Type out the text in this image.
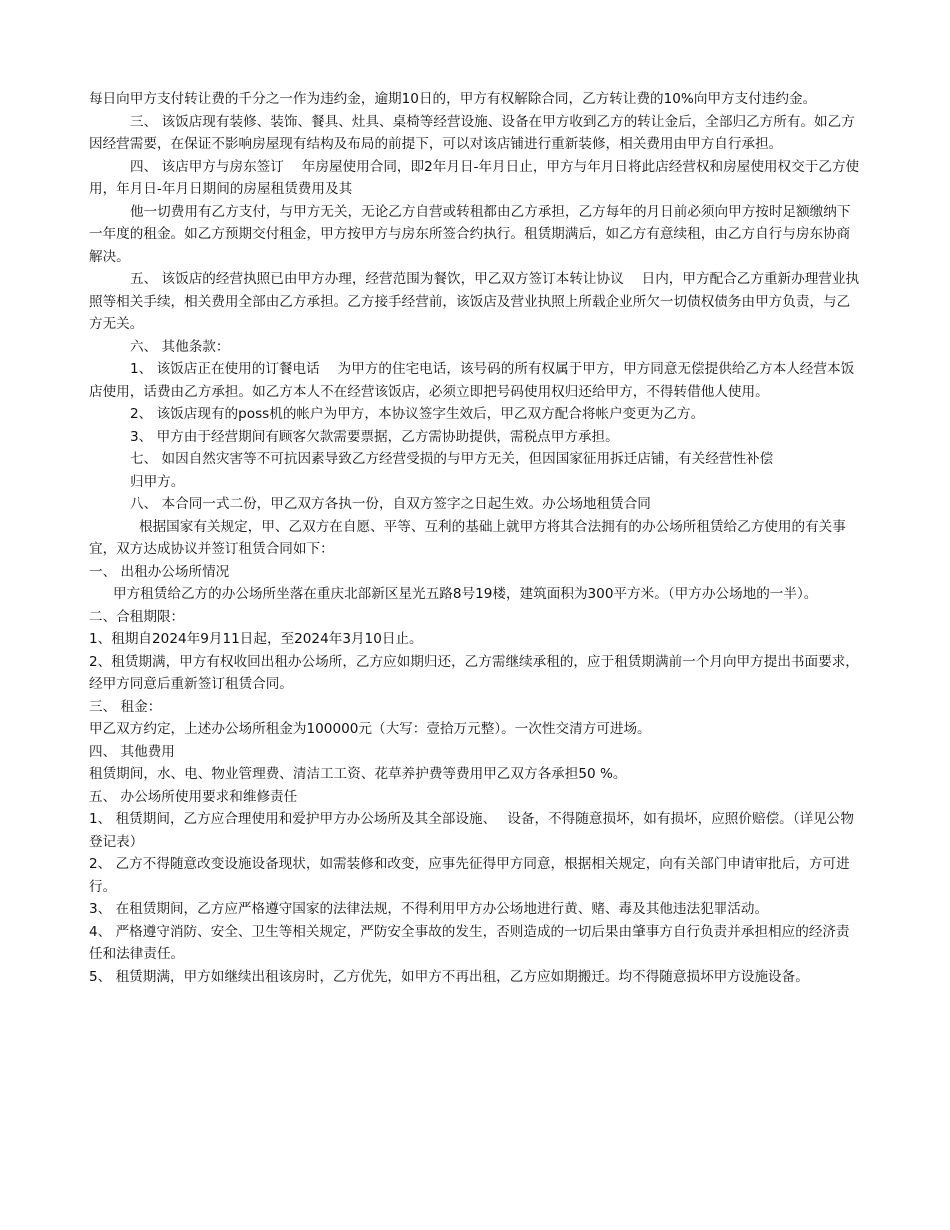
每日向甲方支付转让费的千分之一作为违约金，逾期10日的，甲方有权解除合同，乙方转让费的10%向甲方支付违约金。

三、 该饭店现有装修、装饰、餐具、灶具、桌椅等经营设施、设备在甲方收到乙方的转让金后，全部归乙方所有。如乙方因经营需要，在保证不影响房屋现有结构及布局的前提下，可以对该店铺进行重新装修，相关费用由甲方自行承担。

四、 该店甲方与房东签订　 年房屋使用合同，即2年月日-年月日止，甲方与年月日将此店经营权和房屋使用权交于乙方使用，年月日-年月日期间的房屋租赁费用及其

他一切费用有乙方支付，与甲方无关，无论乙方自营或转租都由乙方承担，乙方每年的月日前必须向甲方按时足额缴纳下一年度的租金。如乙方预期交付租金，甲方按甲方与房东所签合约执行。租赁期满后，如乙方有意续租，由乙方自行与房东协商解决。

五、 该饭店的经营执照已由甲方办理，经营范围为餐饮，甲乙双方签订本转让协议　 日内，甲方配合乙方重新办理营业执照等相关手续，相关费用全部由乙方承担。乙方接手经营前，该饭店及营业执照上所载企业所欠一切债权债务由甲方负责，与乙方无关。

六、 其他条款：

1、 该饭店正在使用的订餐电话　 为甲方的住宅电话，该号码的所有权属于甲方，甲方同意无偿提供给乙方本人经营本饭店使用，话费由乙方承担。如乙方本人不在经营该饭店，必须立即把号码使用权归还给甲方，不得转借他人使用。

2、 该饭店现有的poss机的帐户为甲方，本协议签字生效后，甲乙双方配合将帐户变更为乙方。

3、 甲方由于经营期间有顾客欠款需要票据，乙方需协助提供，需税点甲方承担。

七、 如因自然灾害等不可抗因素导致乙方经营受损的与甲方无关，但因国家征用拆迁店铺，有关经营性补偿

归甲方。

八、 本合同一式二份，甲乙双方各执一份，自双方签字之日起生效。办公场地租赁合同

根据国家有关规定，甲、乙双方在自愿、平等、互利的基础上就甲方将其合法拥有的办公场所租赁给乙方使用的有关事宜，双方达成协议并签订租赁合同如下：

一、 出租办公场所情况

甲方租赁给乙方的办公场所坐落在重庆北部新区星光五路8号19楼，建筑面积为300平方米。（甲方办公场地的一半）。

二、合租期限：

1、租期自2024年9月11日起，至2024年3月10日止。

2、租赁期满，甲方有权收回出租办公场所，乙方应如期归还，乙方需继续承租的，应于租赁期满前一个月向甲方提出书面要求，经甲方同意后重新签订租赁合同。

三、 租金：

甲乙双方约定，上述办公场所租金为100000元（大写：壹拾万元整）。一次性交清方可进场。

四、 其他费用

租赁期间，水、电、物业管理费、清洁工工资、花草养护费等费用甲乙双方各承担50 %。

五、 办公场所使用要求和维修责任

1、 租赁期间，乙方应合理使用和爱护甲方办公场所及其全部设施、　 设备，不得随意损坏，如有损坏，应照价赔偿。（详见公物登记表）

2、 乙方不得随意改变设施设备现状，如需装修和改变，应事先征得甲方同意，根据相关规定，向有关部门申请审批后，方可进行。

3、 在租赁期间，乙方应严格遵守国家的法律法规，不得利用甲方办公场地进行黄、赌、毒及其他违法犯罪活动。

4、 严格遵守消防、安全、卫生等相关规定，严防安全事故的发生，否则造成的一切后果由肇事方自行负责并承担相应的经济责任和法律责任。

5、 租赁期满，甲方如继续出租该房时，乙方优先，如甲方不再出租，乙方应如期搬迁。均不得随意损坏甲方设施设备。
